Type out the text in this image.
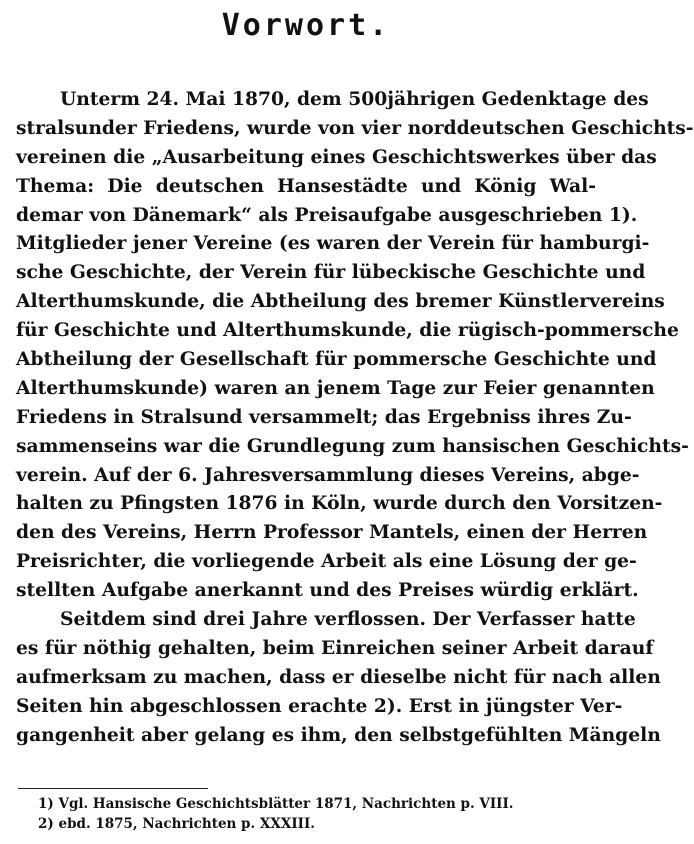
Vorwort.
Unterm 24. Mai 1870, dem 500jährigen Gedenktage des
stralsunder Friedens, wurde von vier norddeutschen Geschichts-
vereinen die „Ausarbeitung eines Geschichtswerkes über das
Thema: Die deutschen Hansestädte und König Wal-
demar von Dänemark“ als Preisaufgabe ausgeschrieben 1).
Mitglieder jener Vereine (es waren der Verein für hamburgi-
sche Geschichte, der Verein für lübeckische Geschichte und
Alterthumskunde, die Abtheilung des bremer Künstlervereins
für Geschichte und Alterthumskunde, die rügisch-pommersche
Abtheilung der Gesellschaft für pommersche Geschichte und
Alterthumskunde) waren an jenem Tage zur Feier genannten
Friedens in Stralsund versammelt; das Ergebniss ihres Zu-
sammenseins war die Grundlegung zum hansischen Geschichts-
verein. Auf der 6. Jahresversammlung dieses Vereins, abge-
halten zu Pfingsten 1876 in Köln, wurde durch den Vorsitzen-
den des Vereins, Herrn Professor Mantels, einen der Herren
Preisrichter, die vorliegende Arbeit als eine Lösung der ge-
stellten Aufgabe anerkannt und des Preises würdig erklärt.
Seitdem sind drei Jahre verflossen. Der Verfasser hatte
es für nöthig gehalten, beim Einreichen seiner Arbeit darauf
aufmerksam zu machen, dass er dieselbe nicht für nach allen
Seiten hin abgeschlossen erachte 2). Erst in jüngster Ver-
gangenheit aber gelang es ihm, den selbstgefühlten Mängeln
1) Vgl. Hansische Geschichtsblätter 1871, Nachrichten p. VIII.
2) ebd. 1875, Nachrichten p. XXXIII.
